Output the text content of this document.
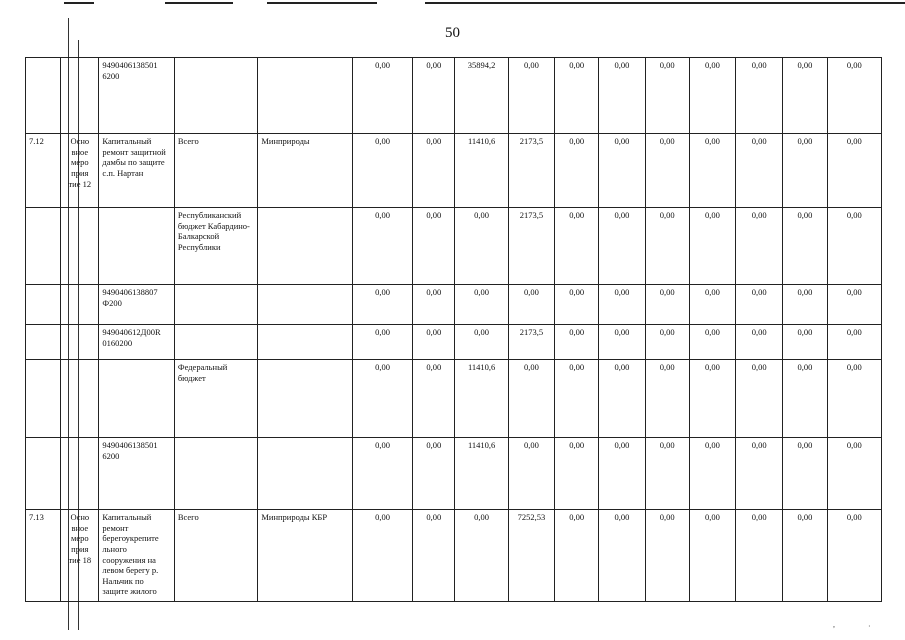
50
		9490406138501 6200			0,00	0,00	35894,2	0,00	0,00	0,00	0,00	0,00	0,00	0,00	0,00
7.12	Осно вное меро прия тие 12	Капитальный ремонт защитной дамбы по защите с.п. Нартан	Всего	Минприроды	0,00	0,00	11410,6	2173,5	0,00	0,00	0,00	0,00	0,00	0,00	0,00
			Республиканский бюджет Кабардино-Балкарской Республики		0,00	0,00	0,00	2173,5	0,00	0,00	0,00	0,00	0,00	0,00	0,00
		9490406138807 Ф200			0,00	0,00	0,00	0,00	0,00	0,00	0,00	0,00	0,00	0,00	0,00
		949040612Д00R 0160200			0,00	0,00	0,00	2173,5	0,00	0,00	0,00	0,00	0,00	0,00	0,00
			Федеральный бюджет		0,00	0,00	11410,6	0,00	0,00	0,00	0,00	0,00	0,00	0,00	0,00
		9490406138501 6200			0,00	0,00	11410,6	0,00	0,00	0,00	0,00	0,00	0,00	0,00	0,00
7.13	Осно вное меро прия тие 18	Капитальный ремонт берегоукрепите льного сооружения на левом берегу р. Нальчик по защите жилого	Всего	Минприроды КБР	0,00	0,00	0,00	7252,53	0,00	0,00	0,00	0,00	0,00	0,00	0,00
,	·
